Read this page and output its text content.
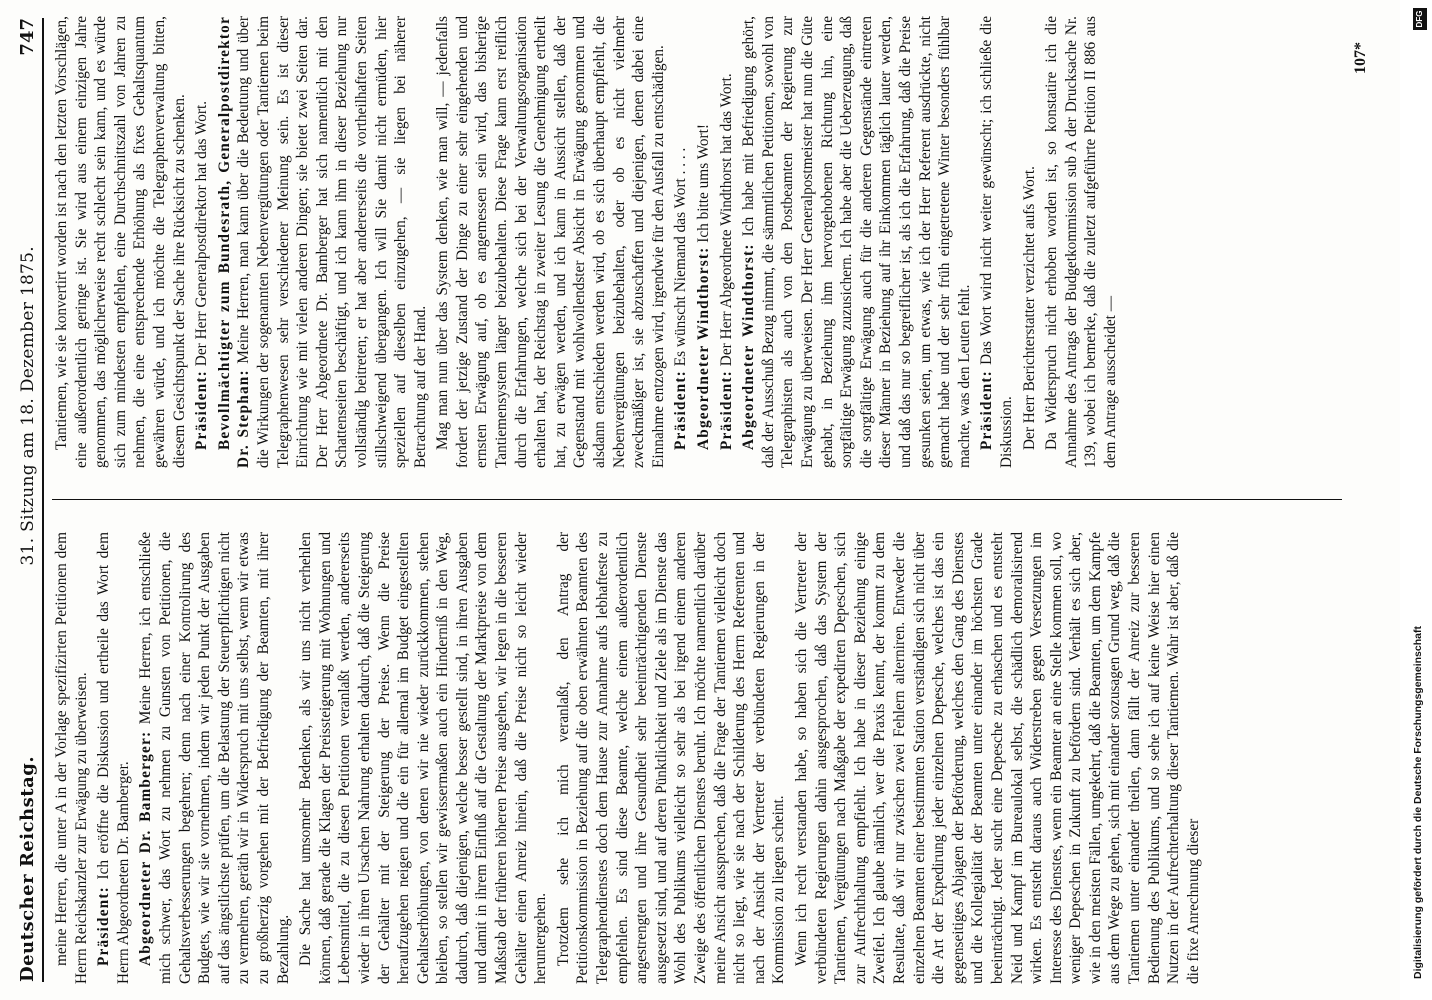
Deutscher Reichstag.
31. Sitzung am 18. Dezember 1875.
747

meine Herren, die unter A in der Vorlage spezifizirten Petitionen dem Herrn Reichskanzler zur Erwägung zu überweisen. Präsident: Ich eröffne die Diskussion und ertheile das Wort dem Herrn Abgeordneten Dr. Bamberger. Abgeordneter Dr. Bamberger: Meine Herren, ich entschließe mich schwer, das Wort zu nehmen zu Gunsten von Petitionen, die Gehaltsverbesserungen begehren; denn nach einer Kontrolirung des Budgets, wie wir sie vornehmen, indem wir jeden Punkt der Ausgaben auf das ängstlichste prüfen, um die Belastung der Steuerpflichtigen nicht zu vermehren, geräth wir in Widerspruch mit uns selbst, wenn wir etwas zu großherzig vorgehen mit der Befriedigung der Beamten, mit ihrer Bezahlung. Die Sache hat umsomehr Bedenken, als wir uns nicht verhehlen können, daß gerade die Klagen der Preissteigerung mit Wohnungen und Lebensmittel, die zu diesen Petitionen veranlaßt werden, andererseits wieder in ihren Ursachen Nahrung erhalten dadurch, daß die Steigerung der Gehälter mit der Steigerung der Preise. Wenn die Preise heraufzugehen neigen und die ein für allemal im Budget eingestellten Gehaltserhöhungen, von denen wir nie wieder zurückkommen, stehen bleiben, so stellen wir gewissermaßen auch ein Hinderniß in den Weg, dadurch, daß diejenigen, welche besser gestellt sind, in ihren Ausgaben und damit in ihrem Einfluß auf die Gestaltung der Marktpreise von dem Maßstab der früheren höheren Preise ausgehen, wir legen in die besseren Gehälter einen Anreiz hinein, daß die Preise nicht so leicht wieder heruntergehen. Trotzdem sehe ich mich veranlaßt, den Antrag der Petitionskommission in Beziehung auf die oben erwähnten Beamten des Telegraphendienstes doch dem Hause zur Annahme aufs lebhafteste zu empfehlen. Es sind diese Beamte, welche einem außerordentlich angestrengten und ihre Gesundheit sehr beeinträchtigenden Dienste ausgesetzt sind, und auf deren Pünktlichkeit und Ziele als im Dienste das Wohl des Publikums vielleicht so sehr als bei irgend einem anderen Zweige des öffentlichen Dienstes beruht. Ich möchte namentlich darüber meine Ansicht aussprechen, daß die Frage der Tantiemen vielleicht doch nicht so liegt, wie sie nach der Schilderung des Herrn Referenten und nach der Ansicht der Vertreter der verbündeten Regierungen in der Kommission zu liegen scheint. Wenn ich recht verstanden habe, so haben sich die Vertreter der verbündeten Regierungen dahin ausgesprochen, daß das System der Tantiemen, Vergütungen nach Maßgabe der expedirten Depeschen, sich zur Aufrechthaltung empfiehlt. Ich habe in dieser Beziehung einige Zweifel. Ich glaube nämlich, wer die Praxis kennt, der kommt zu dem Resultate, daß wir nur zwischen zwei Fehlern alterniren. Entweder die einzelnen Beamten einer bestimmten Station verständigen sich nicht über die Art der Expedirung jeder einzelnen Depesche, welches ist das ein gegenseitiges Abjagen der Beförderung, welches den Gang des Dienstes und die Kollegialität der Beamten unter einander im höchsten Grade beeinträchtigt. Jeder sucht eine Depesche zu erhaschen und es entsteht Neid und Kampf im Bureaulokal selbst, die schädlich demoralisirend wirken. Es entsteht daraus auch Widerstreben gegen Versetzungen im Interesse des Dienstes, wenn ein Beamter an eine Stelle kommen soll, wo weniger Depeschen in Zukunft zu befördern sind. Verhält es sich aber, wie in den meisten Fällen, umgekehrt, daß die Beamten, um dem Kampfe aus dem Wege zu gehen, sich mit einander sozusagen Grund weg, daß die Tantiemen unter einander theilen, dann fällt der Anreiz zur besseren Bedienung des Publikums, und so sehe ich auf keine Weise hier einen Nutzen in der Aufrechterhaltung dieser Tantiemen. Wahr ist aber, daß die die fixe Anrechnung dieser

Tantiemen, wie sie konvertirt worden ist nach den letzten Vorschlägen, eine außerordentlich geringe ist. Sie wird aus einem einzigen Jahre genommen, das möglicherweise recht schlecht sein kann, und es würde sich zum mindesten empfehlen, eine Durchschnittszahl von Jahren zu nehmen, die eine entsprechende Erhöhung als fixes Gehaltsquantum gewähren würde, und ich möchte die Telegraphenverwaltung bitten, diesem Gesichtspunkt der Sache ihre Rücksicht zu schenken. Präsident: Der Herr Generalpostdirektor hat das Wort. Bevollmächtigter zum Bundesrath, Generalpostdirektor Dr. Stephan: Meine Herren, man kann über die Bedeutung und über die Wirkungen der sogenannten Nebenvergütungen oder Tantiemen beim Telegraphenwesen sehr verschiedener Meinung sein. Es ist dieser Einrichtung wie mit vielen anderen Dingen; sie bietet zwei Seiten dar. Der Herr Abgeordnete Dr. Bamberger hat sich namentlich mit den Schattenseiten beschäftigt, und ich kann ihm in dieser Beziehung nur vollständig beitreten; er hat aber andererseits die vortheilhaften Seiten stillschweigend übergangen. Ich will Sie damit nicht ermüden, hier speziellen auf dieselben einzugehen, — sie liegen bei näherer Betrachtung auf der Hand. Mag man nun über das System denken, wie man will, — jedenfalls fordert der jetzige Zustand der Dinge zu einer sehr eingehenden und ernsten Erwägung auf, ob es angemessen sein wird, das bisherige Tantiemensystem länger beizubehalten. Diese Frage kann erst reiflich durch die Erfahrungen, welche sich bei der Verwaltungsorganisation erhalten hat, der Reichstag in zweiter Lesung die Genehmigung ertheilt hat, zu erwägen werden, und ich kann in Aussicht stellen, daß der Gegenstand mit wohlwollendster Absicht in Erwägung genommen und alsdann entschieden werden wird, ob es sich überhaupt empfiehlt, die Nebenvergütungen beizubehalten, oder ob es nicht vielmehr zweckmäßiger ist, sie abzuschaffen und diejenigen, denen dabei eine Einnahme entzogen wird, irgendwie für den Ausfall zu entschädigen. Präsident: Es wünscht Niemand das Wort . . . . Abgeordneter Windthorst: Ich bitte ums Wort!

Präsident: Der Herr Abgeordnete Windthorst hat das Wort. Abgeordneter Windthorst: Ich habe mit Befriedigung gehört, daß der Ausschuß Bezug nimmt, die sämmtlichen Petitionen, sowohl von Telegraphisten als auch von den Postbeamten der Regierung zur Erwägung zu überweisen. Der Herr Generalpostmeister hat nun die Güte gehabt, in Beziehung ihm hervorgehobenen Richtung hin, eine sorgfältige Erwägung zuzusichern. Ich habe aber die Ueberzeugung, daß die sorgfältige Erwägung auch für die anderen Gegenstände eintreten dieser Männer in Beziehung auf ihr Einkommen täglich lauter werden, und daß das nur so begreiflicher ist, als ich die Erfahrung, daß die Preise gesunken seien, um etwas, wie ich der Herr Referent ausdrückte, nicht gemacht habe und der sehr früh eingetretene Winter besonders fühlbar machte, was den Leuten fehlt. Präsident: Das Wort wird nicht weiter gewünscht; ich schließe die Diskussion. Der Herr Berichterstatter verzichtet aufs Wort. Da Widerspruch nicht erhoben worden ist, so konstatire ich die Annahme des Antrags der Budgetkommission sub A der Drucksache Nr. 139, wobei ich bemerke, daß die zuletzt aufgeführte Petition II 886 aus dem Antrage ausscheidet —

107*
DFG
Digitalisierung gefördert durch die Deutsche Forschungsgemeinschaft
